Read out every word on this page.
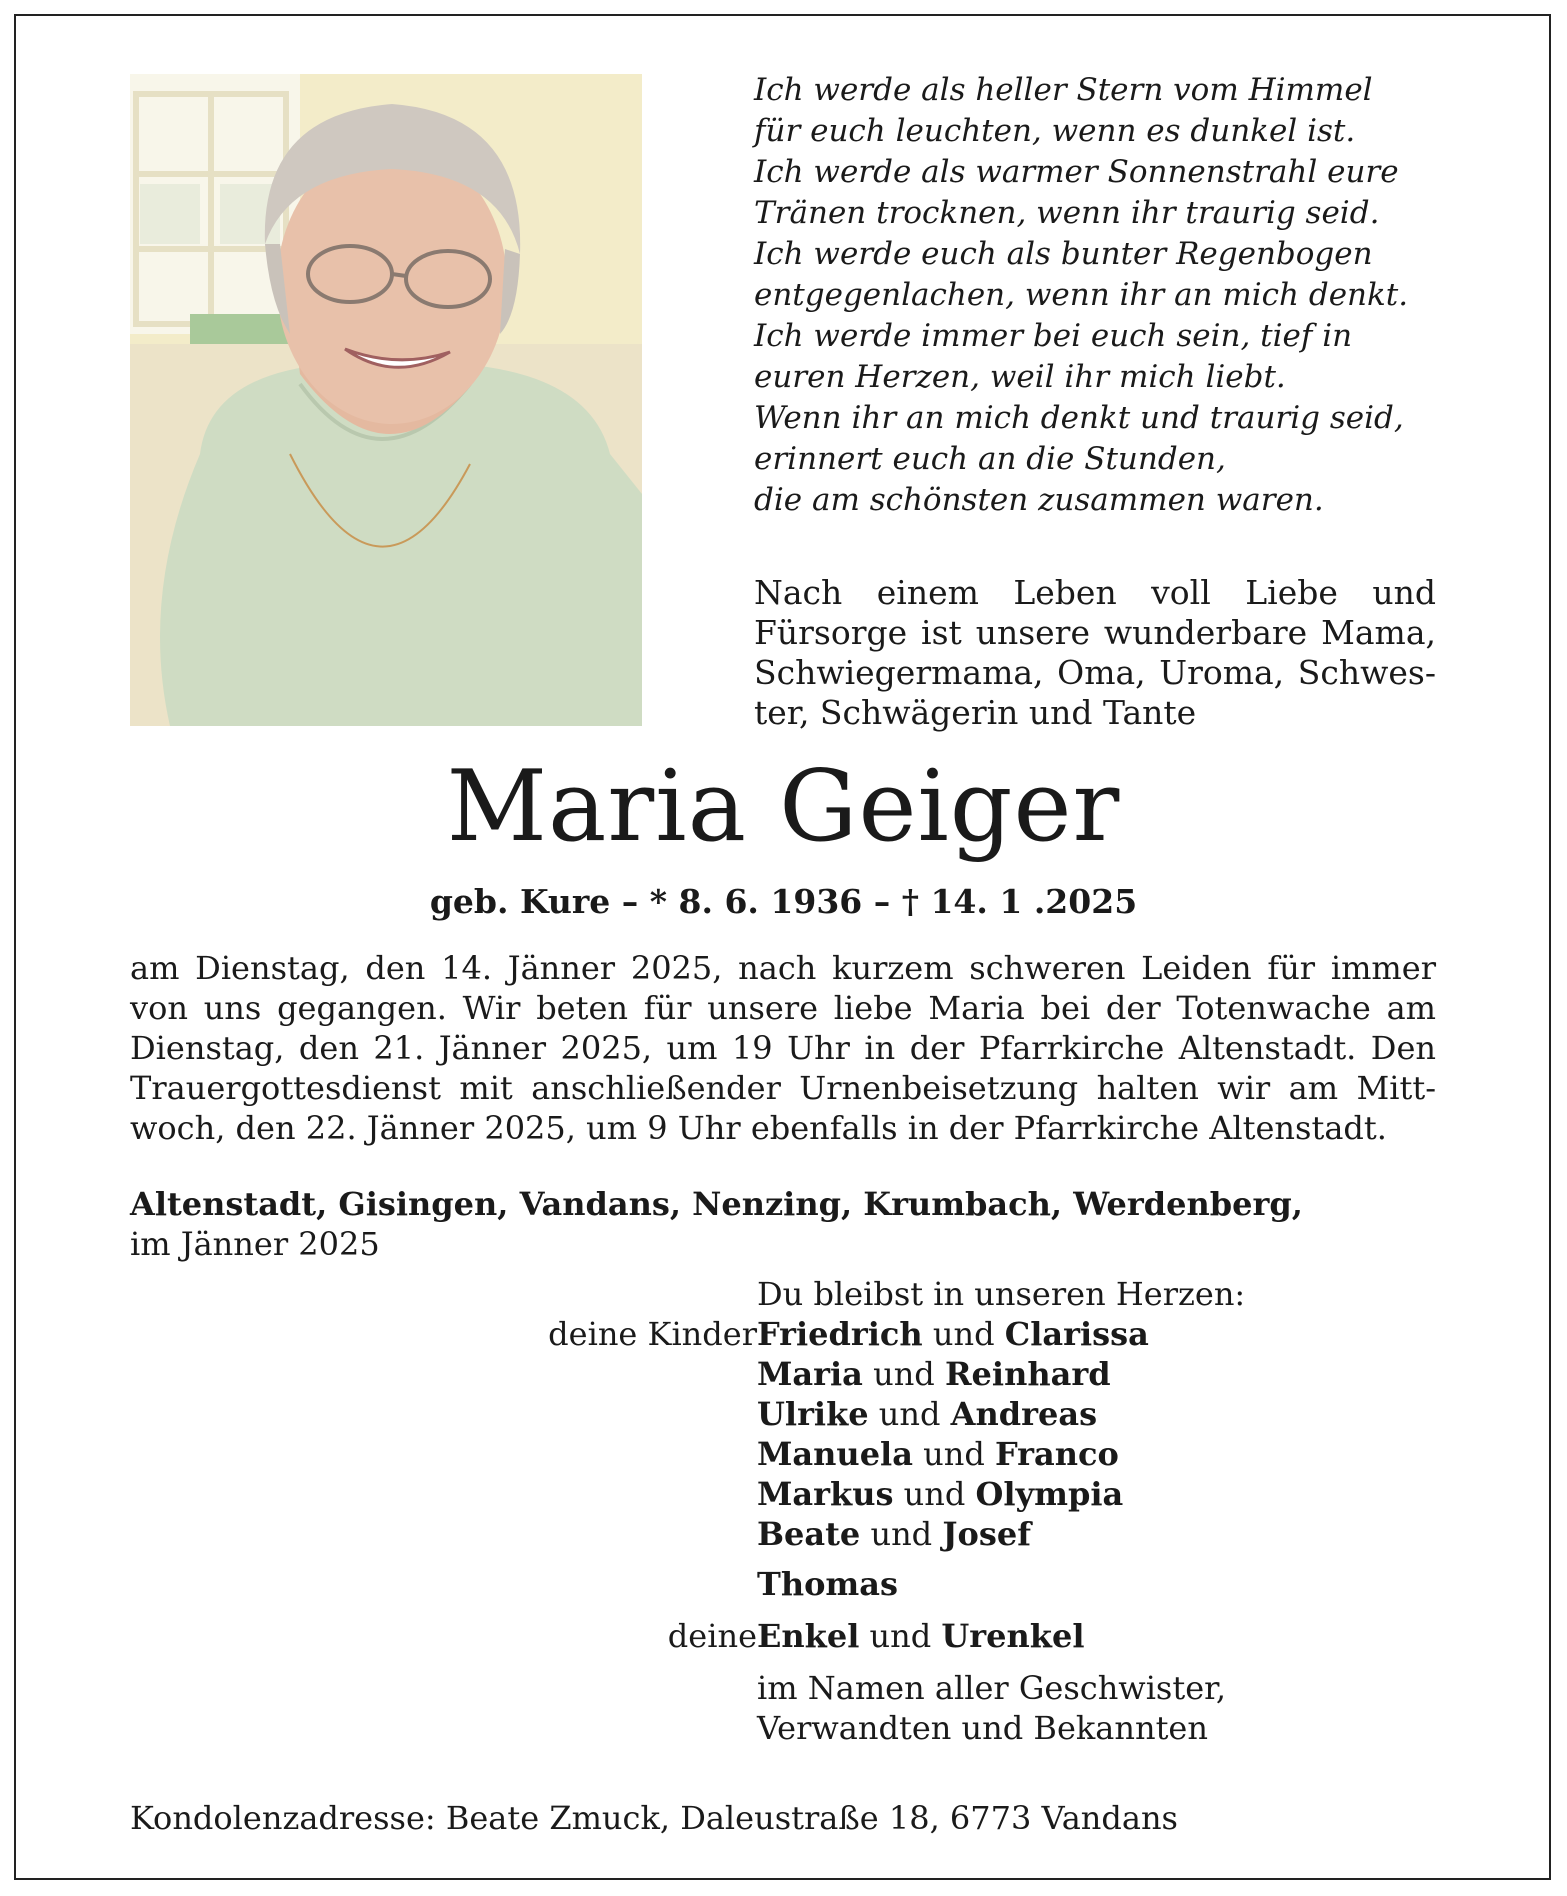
Ich werde als heller Stern vom Himmel
für euch leuchten, wenn es dunkel ist.
Ich werde als warmer Sonnenstrahl eure
Tränen trocknen, wenn ihr traurig seid.
Ich werde euch als bunter Regenbogen
entgegenlachen, wenn ihr an mich denkt.
Ich werde immer bei euch sein, tief in
euren Herzen, weil ihr mich liebt.
Wenn ihr an mich denkt und traurig seid,
erinnert euch an die Stunden,
die am schönsten zusammen waren.
Nach einem Leben voll Liebe und
Fürsorge ist unsere wunderbare Mama,
Schwiegermama, Oma, Uroma, Schwes-
ter, Schwägerin und Tante
Maria Geiger
geb. Kure – * 8. 6. 1936 – † 14. 1 .2025
am Dienstag, den 14. Jänner 2025, nach kurzem schweren Leiden für immer
von uns gegangen. Wir beten für unsere liebe Maria bei der Totenwache am
Dienstag, den 21. Jänner 2025, um 19 Uhr in der Pfarrkirche Altenstadt. Den
Trauergottesdienst mit anschließender Urnenbeisetzung halten wir am Mitt-
woch, den 22. Jänner 2025, um 9 Uhr ebenfalls in der Pfarrkirche Altenstadt.
Altenstadt, Gisingen, Vandans, Nenzing, Krumbach, Werdenberg,
im Jänner 2025
Du bleibst in unseren Herzen:
deine Kinder Friedrich und Clarissa
Maria und Reinhard
Ulrike und Andreas
Manuela und Franco
Markus und Olympia
Beate und Josef
Thomas
deine Enkel und Urenkel
im Namen aller Geschwister,
Verwandten und Bekannten
Kondolenzadresse: Beate Zmuck, Daleustraße 18, 6773 Vandans
